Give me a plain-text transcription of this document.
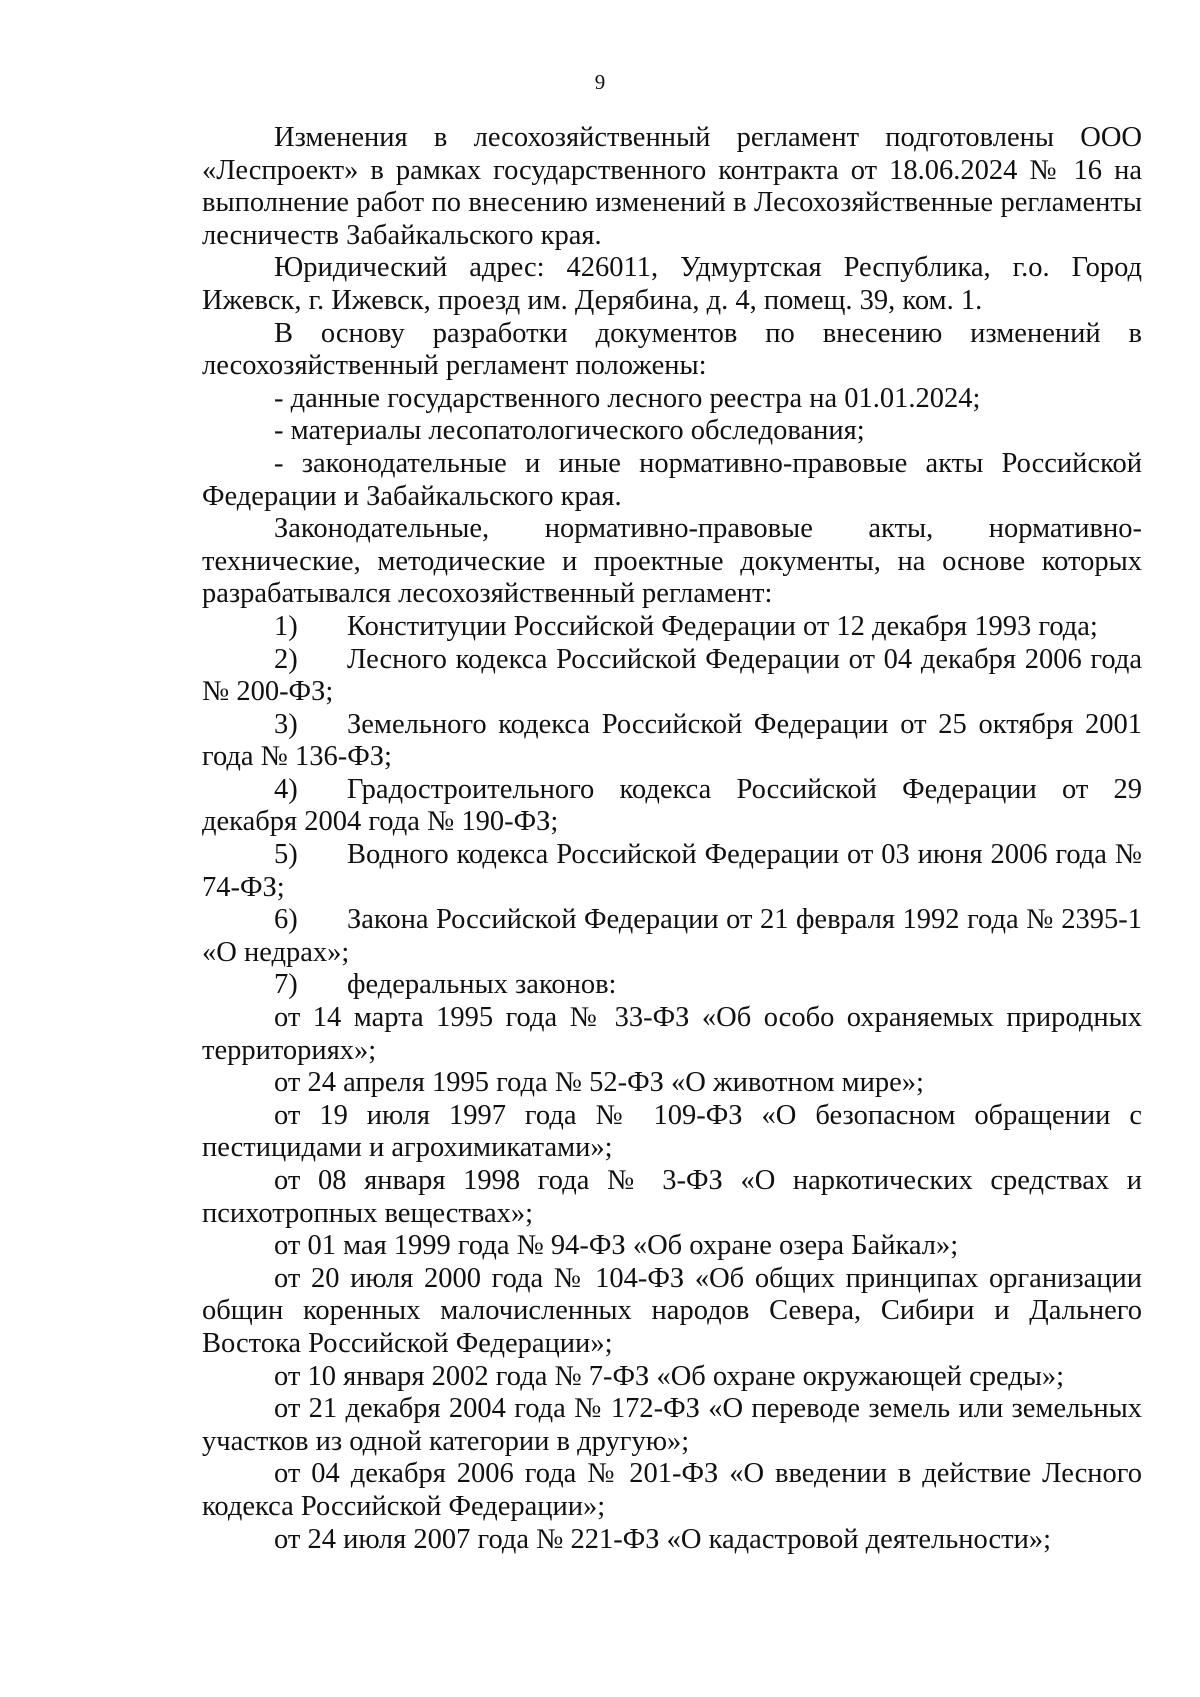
9

Изменения в лесохозяйственный регламент подготовлены ООО «Леспроект» в рамках государственного контракта от 18.06.2024 № 16 на выполнение работ по внесению изменений в Лесохозяйственные регламенты лесничеств Забайкальского края.

Юридический адрес: 426011, Удмуртская Республика, г.о. Город Ижевск, г. Ижевск, проезд им. Дерябина, д. 4, помещ. 39, ком. 1.

В основу разработки документов по внесению изменений в лесохозяйственный регламент положены:

- данные государственного лесного реестра на 01.01.2024;

- материалы лесопатологического обследования;

- законодательные и иные нормативно-правовые акты Российской Федерации и Забайкальского края.

Законодательные, нормативно-правовые акты, нормативно-технические, методические и проектные документы, на основе которых разрабатывался лесохозяйственный регламент:

1) Конституции Российской Федерации от 12 декабря 1993 года;

2) Лесного кодекса Российской Федерации от 04 декабря 2006 года № 200-ФЗ;

3) Земельного кодекса Российской Федерации от 25 октября 2001 года № 136-ФЗ;

4) Градостроительного кодекса Российской Федерации от 29 декабря 2004 года № 190-ФЗ;

5) Водного кодекса Российской Федерации от 03 июня 2006 года № 74-ФЗ;

6) Закона Российской Федерации от 21 февраля 1992 года № 2395-1 «О недрах»;

7) федеральных законов:

от 14 марта 1995 года № 33-ФЗ «Об особо охраняемых природных территориях»;

от 24 апреля 1995 года № 52-ФЗ «О животном мире»;

от 19 июля 1997 года № 109-ФЗ «О безопасном обращении с пестицидами и агрохимикатами»;

от 08 января 1998 года № 3-ФЗ «О наркотических средствах и психотропных веществах»;

от 01 мая 1999 года № 94-ФЗ «Об охране озера Байкал»;

от 20 июля 2000 года № 104-ФЗ «Об общих принципах организации общин коренных малочисленных народов Севера, Сибири и Дальнего Востока Российской Федерации»;

от 10 января 2002 года № 7-ФЗ «Об охране окружающей среды»;

от 21 декабря 2004 года № 172-ФЗ «О переводе земель или земельных участков из одной категории в другую»;

от 04 декабря 2006 года № 201-ФЗ «О введении в действие Лесного кодекса Российской Федерации»;

от 24 июля 2007 года № 221-ФЗ «О кадастровой деятельности»;
